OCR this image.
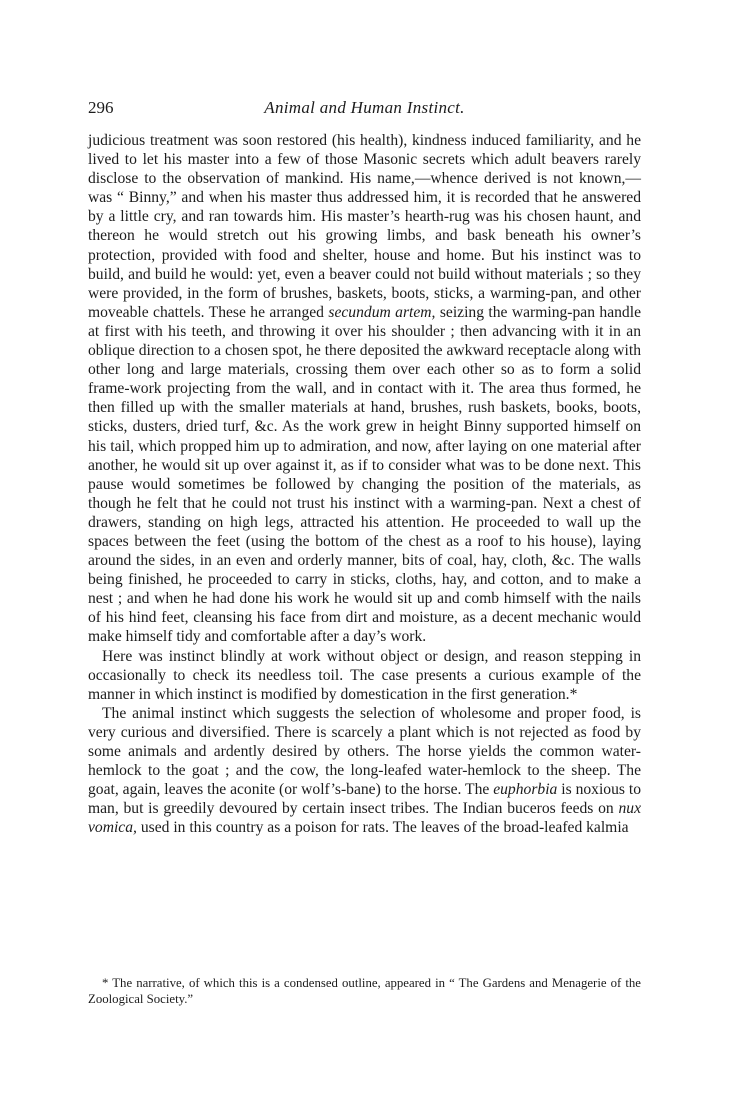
296	Animal and Human Instinct.

judicious treatment was soon restored (his health), kindness induced familiarity, and he lived to let his master into a few of those Masonic secrets which adult beavers rarely disclose to the observation of mankind. His name,—whence derived is not known,—was “ Binny,” and when his master thus addressed him, it is recorded that he answered by a little cry, and ran towards him. His master’s hearth-rug was his chosen haunt, and thereon he would stretch out his growing limbs, and bask beneath his owner’s protection, provided with food and shelter, house and home. But his instinct was to build, and build he would: yet, even a beaver could not build without materials ; so they were provided, in the form of brushes, baskets, boots, sticks, a warming-pan, and other moveable chattels. These he arranged secundum artem, seizing the warming-pan handle at first with his teeth, and throwing it over his shoulder ; then advancing with it in an oblique direction to a chosen spot, he there deposited the awkward receptacle along with other long and large materials, crossing them over each other so as to form a solid frame-work projecting from the wall, and in contact with it. The area thus formed, he then filled up with the smaller materials at hand, brushes, rush baskets, books, boots, sticks, dusters, dried turf, &c. As the work grew in height Binny supported himself on his tail, which propped him up to admiration, and now, after laying on one material after another, he would sit up over against it, as if to consider what was to be done next. This pause would sometimes be followed by changing the position of the materials, as though he felt that he could not trust his instinct with a warming-pan. Next a chest of drawers, standing on high legs, attracted his attention. He proceeded to wall up the spaces between the feet (using the bottom of the chest as a roof to his house), laying around the sides, in an even and orderly manner, bits of coal, hay, cloth, &c. The walls being finished, he proceeded to carry in sticks, cloths, hay, and cotton, and to make a nest ; and when he had done his work he would sit up and comb himself with the nails of his hind feet, cleansing his face from dirt and moisture, as a decent mechanic would make himself tidy and comfortable after a day’s work.

Here was instinct blindly at work without object or design, and reason stepping in occasionally to check its needless toil. The case presents a curious example of the manner in which instinct is modified by domestication in the first generation.*

The animal instinct which suggests the selection of wholesome and proper food, is very curious and diversified. There is scarcely a plant which is not rejected as food by some animals and ardently desired by others. The horse yields the common water-hemlock to the goat ; and the cow, the long-leafed water-hemlock to the sheep. The goat, again, leaves the aconite (or wolf’s-bane) to the horse. The euphorbia is noxious to man, but is greedily devoured by certain insect tribes. The Indian buceros feeds on nux vomica, used in this country as a poison for rats. The leaves of the broad-leafed kalmia

* The narrative, of which this is a condensed outline, appeared in “ The Gardens and Menagerie of the Zoological Society.”
